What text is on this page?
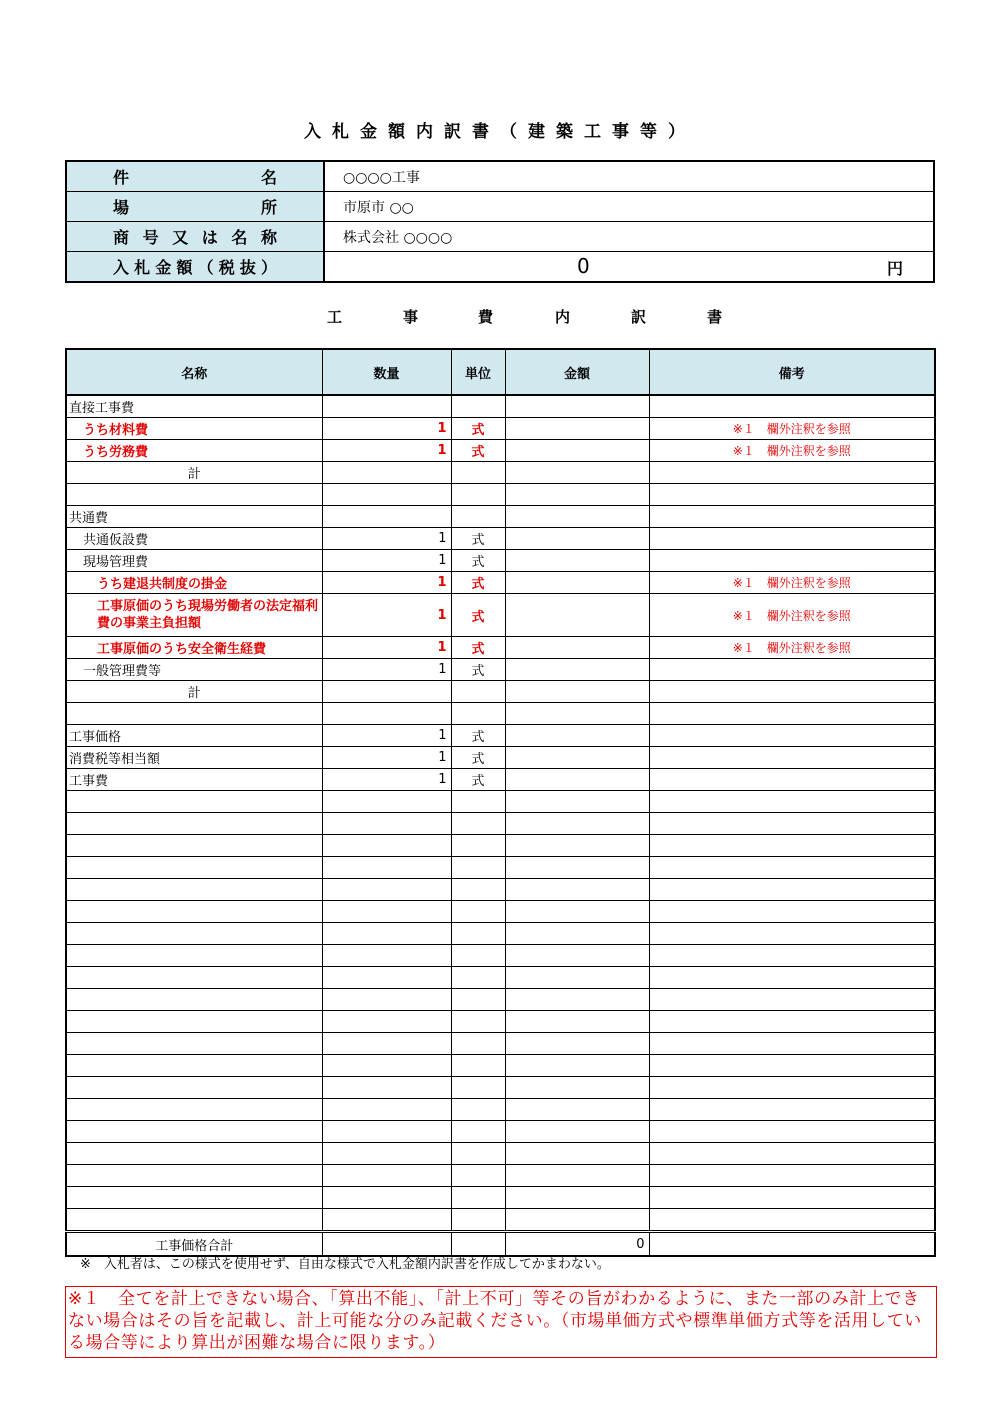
入札金額内訳書（建築工事等）
件名	○○○○工事

場所	市原市 ○○

商号又は名称	株式会社 ○○○○

入札金額（税抜）	0 円
工	事	費	内	訳	書
名称	数量	単位	金額	備考
直接工事費				
うち材料費	1	式		※１　欄外注釈を参照
うち労務費	1	式		※１　欄外注釈を参照
計				

共通費				
共通仮設費	1	式		
現場管理費	1	式		
うち建退共制度の掛金	1	式		※１　欄外注釈を参照
工事原価のうち現場労働者の法定福利費の事業主負担額	1	式		※１　欄外注釈を参照
工事原価のうち安全衛生経費	1	式		※１　欄外注釈を参照
一般管理費等	1	式		
計				

工事価格	1	式		
消費税等相当額	1	式		
工事費	1	式		

工事価格合計			0	
※　入札者は、この様式を使用せず、自由な様式で入札金額内訳書を作成してかまわない。
※１　全てを計上できない場合、「算出不能」、「計上不可」等その旨がわかるように、また一部のみ計上できない場合はその旨を記載し、計上可能な分のみ記載ください。（市場単価方式や標準単価方式等を活用している場合等により算出が困難な場合に限ります。）
